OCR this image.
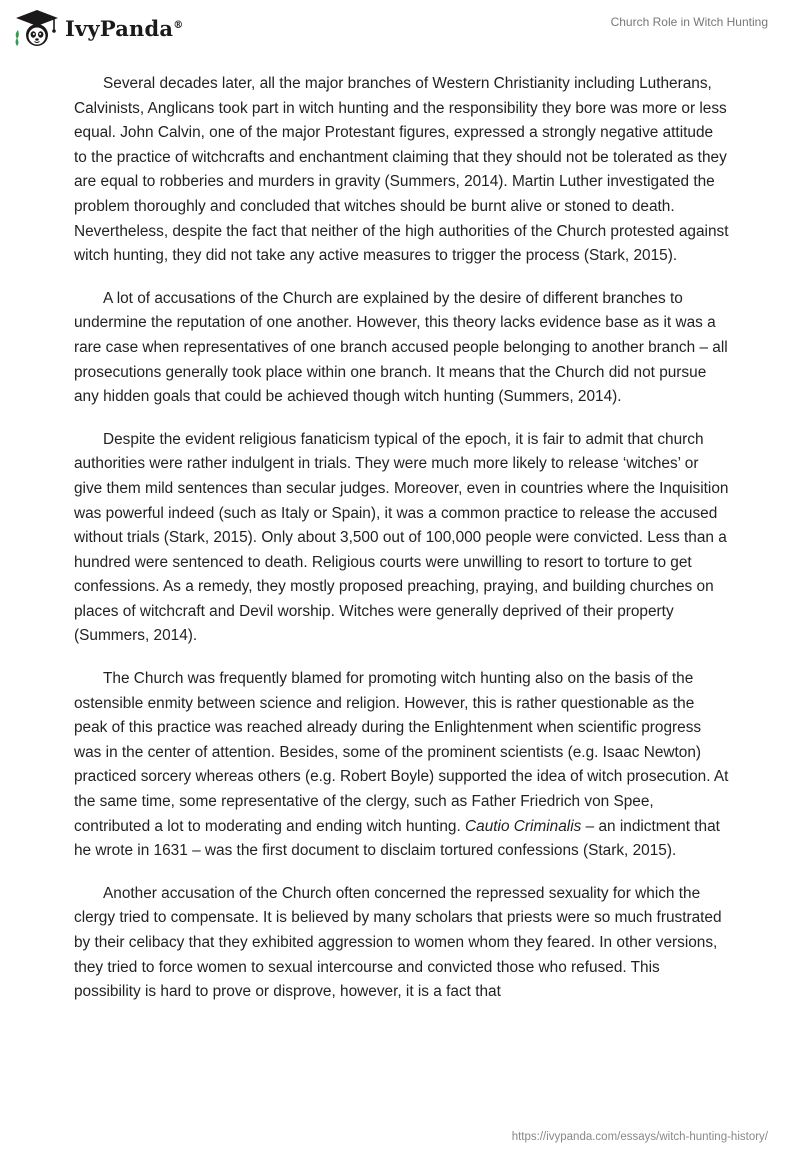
IvyPanda®	Church Role in Witch Hunting

Several decades later, all the major branches of Western Christianity including Lutherans, Calvinists, Anglicans took part in witch hunting and the responsibility they bore was more or less equal. John Calvin, one of the major Protestant figures, expressed a strongly negative attitude to the practice of witchcrafts and enchantment claiming that they should not be tolerated as they are equal to robberies and murders in gravity (Summers, 2014). Martin Luther investigated the problem thoroughly and concluded that witches should be burnt alive or stoned to death. Nevertheless, despite the fact that neither of the high authorities of the Church protested against witch hunting, they did not take any active measures to trigger the process (Stark, 2015).

A lot of accusations of the Church are explained by the desire of different branches to undermine the reputation of one another. However, this theory lacks evidence base as it was a rare case when representatives of one branch accused people belonging to another branch – all prosecutions generally took place within one branch. It means that the Church did not pursue any hidden goals that could be achieved though witch hunting (Summers, 2014).

Despite the evident religious fanaticism typical of the epoch, it is fair to admit that church authorities were rather indulgent in trials. They were much more likely to release ‘witches’ or give them mild sentences than secular judges. Moreover, even in countries where the Inquisition was powerful indeed (such as Italy or Spain), it was a common practice to release the accused without trials (Stark, 2015). Only about 3,500 out of 100,000 people were convicted. Less than a hundred were sentenced to death. Religious courts were unwilling to resort to torture to get confessions. As a remedy, they mostly proposed preaching, praying, and building churches on places of witchcraft and Devil worship. Witches were generally deprived of their property (Summers, 2014).

The Church was frequently blamed for promoting witch hunting also on the basis of the ostensible enmity between science and religion. However, this is rather questionable as the peak of this practice was reached already during the Enlightenment when scientific progress was in the center of attention. Besides, some of the prominent scientists (e.g. Isaac Newton) practiced sorcery whereas others (e.g. Robert Boyle) supported the idea of witch prosecution. At the same time, some representative of the clergy, such as Father Friedrich von Spee, contributed a lot to moderating and ending witch hunting. Cautio Criminalis – an indictment that he wrote in 1631 – was the first document to disclaim tortured confessions (Stark, 2015).

Another accusation of the Church often concerned the repressed sexuality for which the clergy tried to compensate. It is believed by many scholars that priests were so much frustrated by their celibacy that they exhibited aggression to women whom they feared. In other versions, they tried to force women to sexual intercourse and convicted those who refused. This possibility is hard to prove or disprove, however, it is a fact that

https://ivypanda.com/essays/witch-hunting-history/
